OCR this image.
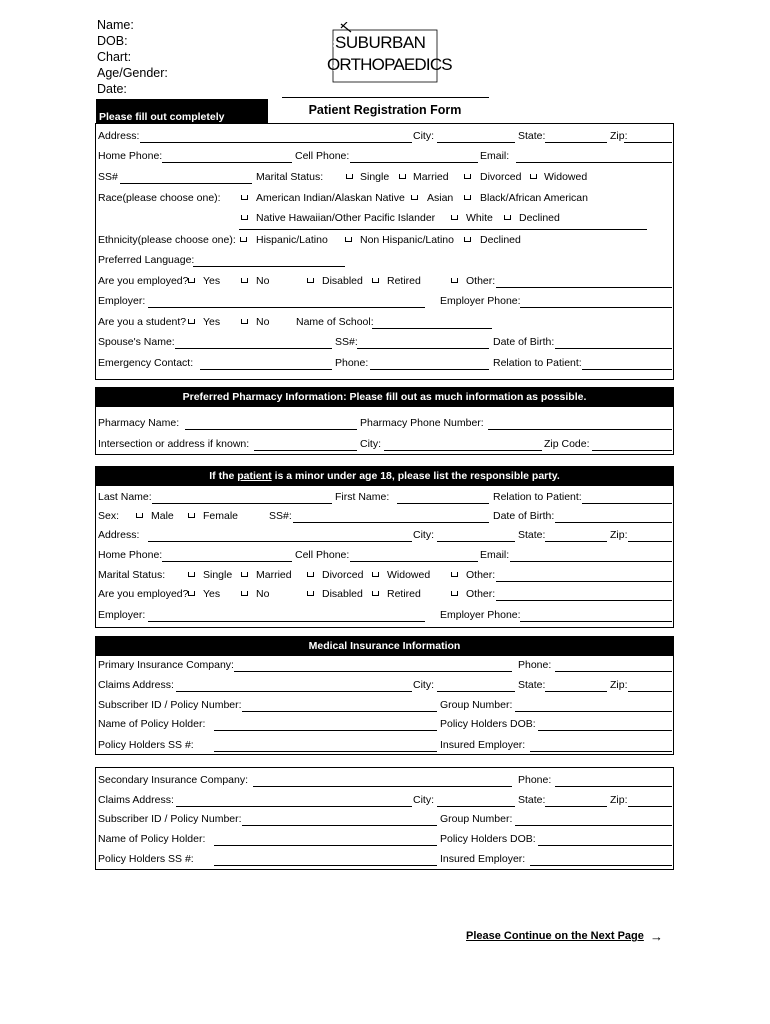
Name:
DOB:
Chart:
Age/Gender:
Date:
SUBURBAN
ORTHOPAEDICS
Please fill out completely	Patient Registration Form
Address:	City:	State:	Zip:
Home Phone:	Cell Phone:	Email:
SS#	Marital Status:	Single Married	Divorced Widowed
Race(please choose one):	American Indian/Alaskan Native Asian	Black/African American
Native Hawaiian/Other Pacific Islander	White Declined
Ethnicity(please choose one): Hispanic/Latino	Non Hispanic/Latino Declined
Preferred Language:
Are you employed? Yes	No	Disabled Retired	Other:
Employer:	Employer Phone:
Are you a student? Yes	No	Name of School:
Spouse's Name:	SS#:	Date of Birth:
Emergency Contact:	Phone:	Relation to Patient:
Preferred Pharmacy Information: Please fill out as much information as possible.
Pharmacy Name:	Pharmacy Phone Number:
Intersection or address if known:	City:	Zip Code:
If the patient is a minor under age 18, please list the responsible party.
Last Name:	First Name:	Relation to Patient:
Sex:	Male	Female	SS#:	Date of Birth:
Address:	City:	State:	Zip:
Home Phone:	Cell Phone:	Email:
Marital Status:	Single Married	Divorced Widowed	Other:
Are you employed? Yes	No	Disabled Retired	Other:
Employer:	Employer Phone:
Medical Insurance Information
Primary Insurance Company:	Phone:
Claims Address:	City:	State:	Zip:
Subscriber ID / Policy Number:	Group Number:
Name of Policy Holder:	Policy Holders DOB:
Policy Holders SS #:	Insured Employer:
Secondary Insurance Company:	Phone:
Claims Address:	City:	State:	Zip:
Subscriber ID / Policy Number:	Group Number:
Name of Policy Holder:	Policy Holders DOB:
Policy Holders SS #:	Insured Employer:
Please Continue on the Next Page →
